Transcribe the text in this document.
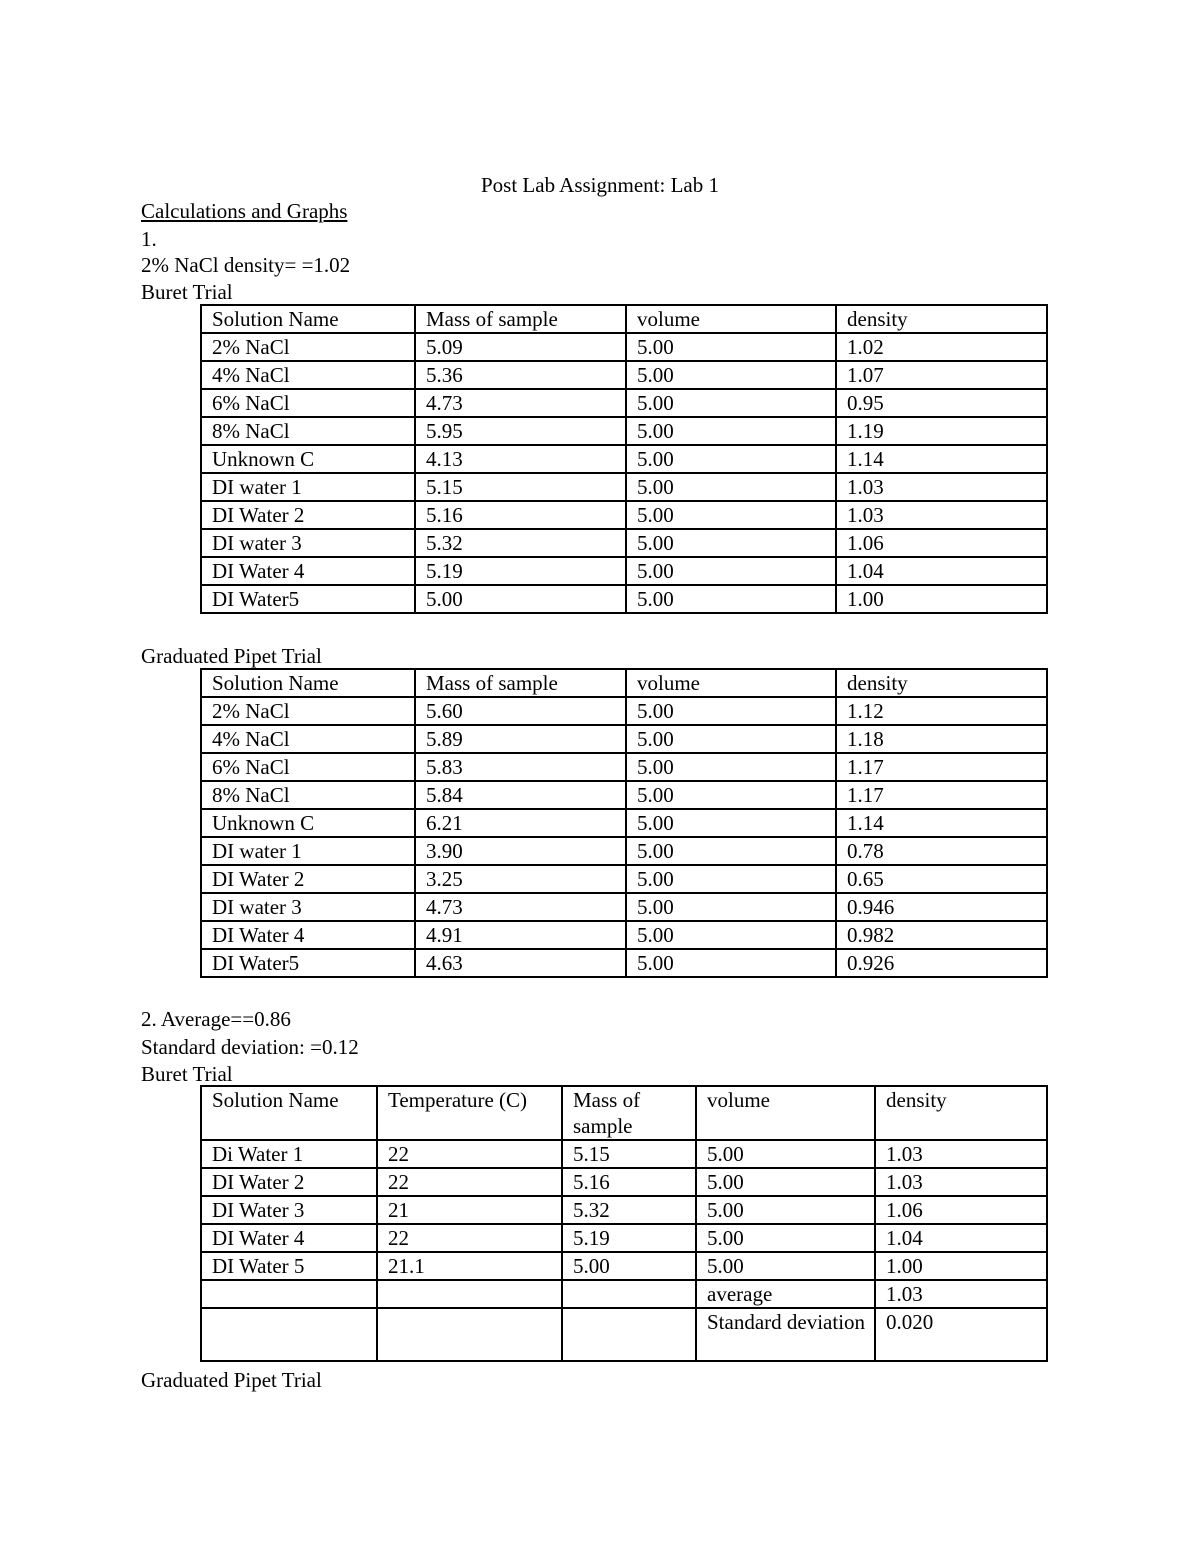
Post Lab Assignment: Lab 1
Calculations and Graphs
1.
2% NaCl density= =1.02
Buret Trial
Solution Name	Mass of sample	volume	density
2% NaCl	5.09	5.00	1.02
4% NaCl	5.36	5.00	1.07
6% NaCl	4.73	5.00	0.95
8% NaCl	5.95	5.00	1.19
Unknown C	4.13	5.00	1.14
DI water 1	5.15	5.00	1.03
DI Water 2	5.16	5.00	1.03
DI water 3	5.32	5.00	1.06
DI Water 4	5.19	5.00	1.04
DI Water5	5.00	5.00	1.00
Graduated Pipet Trial
Solution Name	Mass of sample	volume	density
2% NaCl	5.60	5.00	1.12
4% NaCl	5.89	5.00	1.18
6% NaCl	5.83	5.00	1.17
8% NaCl	5.84	5.00	1.17
Unknown C	6.21	5.00	1.14
DI water 1	3.90	5.00	0.78
DI Water 2	3.25	5.00	0.65
DI water 3	4.73	5.00	0.946
DI Water 4	4.91	5.00	0.982
DI Water5	4.63	5.00	0.926
2. Average==0.86
Standard deviation: =0.12
Buret Trial
Solution Name	Temperature (C)	Mass of sample	volume	density
Di Water 1	22	5.15	5.00	1.03
DI Water 2	22	5.16	5.00	1.03
DI Water 3	21	5.32	5.00	1.06
DI Water 4	22	5.19	5.00	1.04
DI Water 5	21.1	5.00	5.00	1.00
			average	1.03
			Standard deviation	0.020
Graduated Pipet Trial
